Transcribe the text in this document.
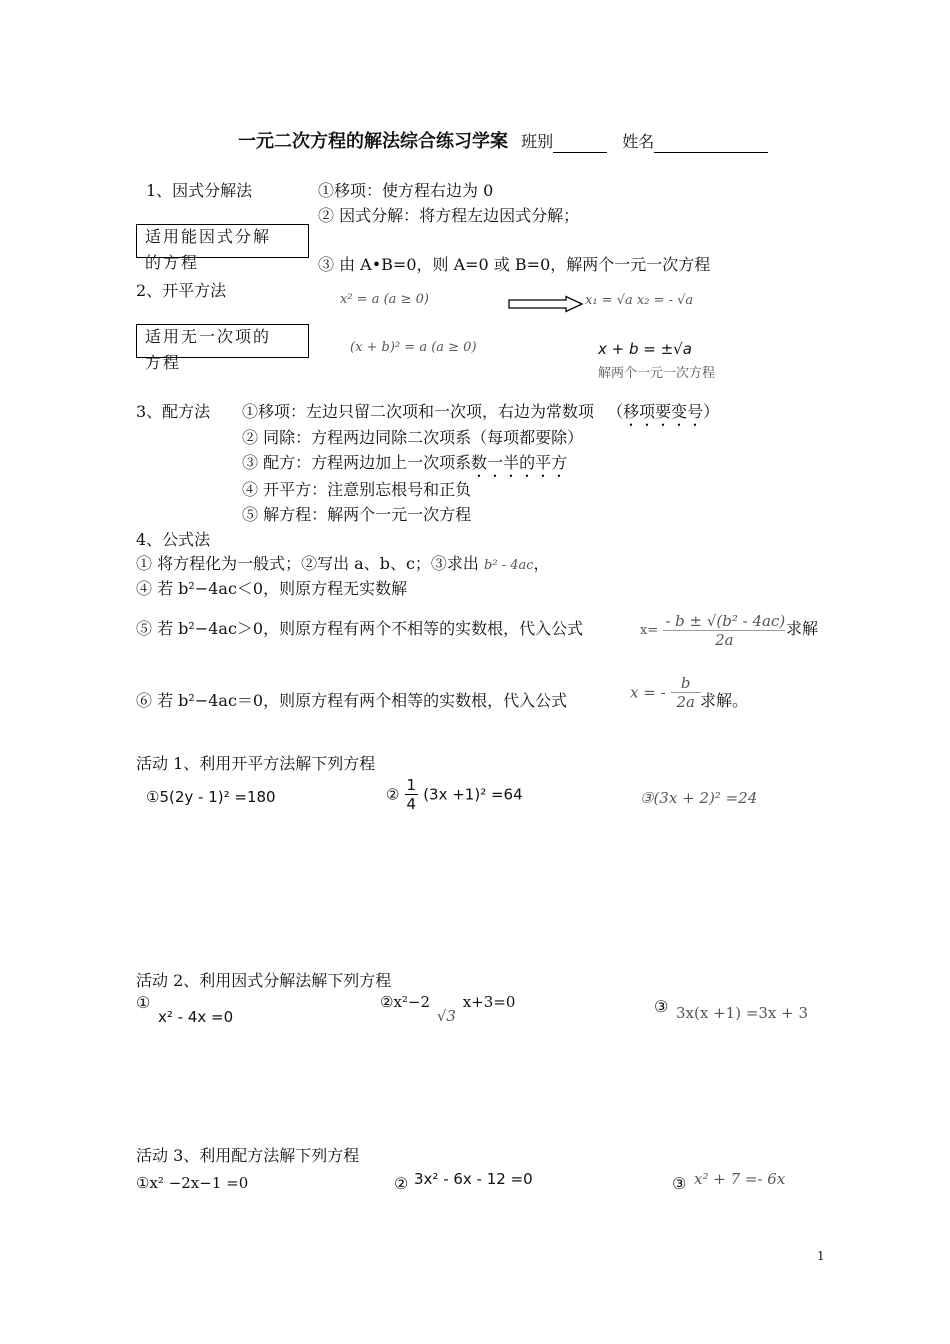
一元二次方程的解法综合练习学案 班别	姓名
1、因式分解法	①移项：使方程右边为 0
② 因式分解：将方程左边因式分解；
适用能因式分解
的方程	③ 由 A•B=0，则 A=0 或 B=0，解两个一元一次方程
2、开平方法	x² = a (a ≥ 0)	x₁ = √a x₂ = - √a
适用无一次项的
方程
(x + b)² = a (a ≥ 0)	x + b = ±√a
解两个一元一次方程
3、配方法 ①移项：左边只留二次项和一次项，右边为常数项 （移项要变号）
② 同除：方程两边同除二次项系（每项都要除）
③ 配方：方程两边加上一次项系数一半的平方
④ 开平方：注意别忘根号和正负
⑤ 解方程：解两个一元一次方程
4、公式法
① 将方程化为一般式；②写出 a、b、c；③求出 b² - 4ac，
④ 若 b²−4ac＜0，则原方程无实数解
⑤ 若 b²−4ac＞0，则原方程有两个不相等的实数根，代入公式	$x= \frac{\text{- b ± √(b² - 4ac)}}{2a}$ 求解
⑥ 若 b²−4ac＝0，则原方程有两个相等的实数根，代入公式	x = - $\frac{b}{2a}$ 求解。
活动 1、利用开平方法解下列方程
①5(2y - 1)² =180	② $\frac{1}{4} (3x +1)^2 =64$	③(3x + 2)² =24
活动 2、利用因式分解法解下列方程
①
x² - 4x =0
②x²−2 √3 x+3=0	③ 3x(x +1) =3x + 3
活动 3、利用配方法解下列方程
①x² −2x−1 =0	② 3x² - 6x - 12 =0	③ x² + 7 =- 6x
1
